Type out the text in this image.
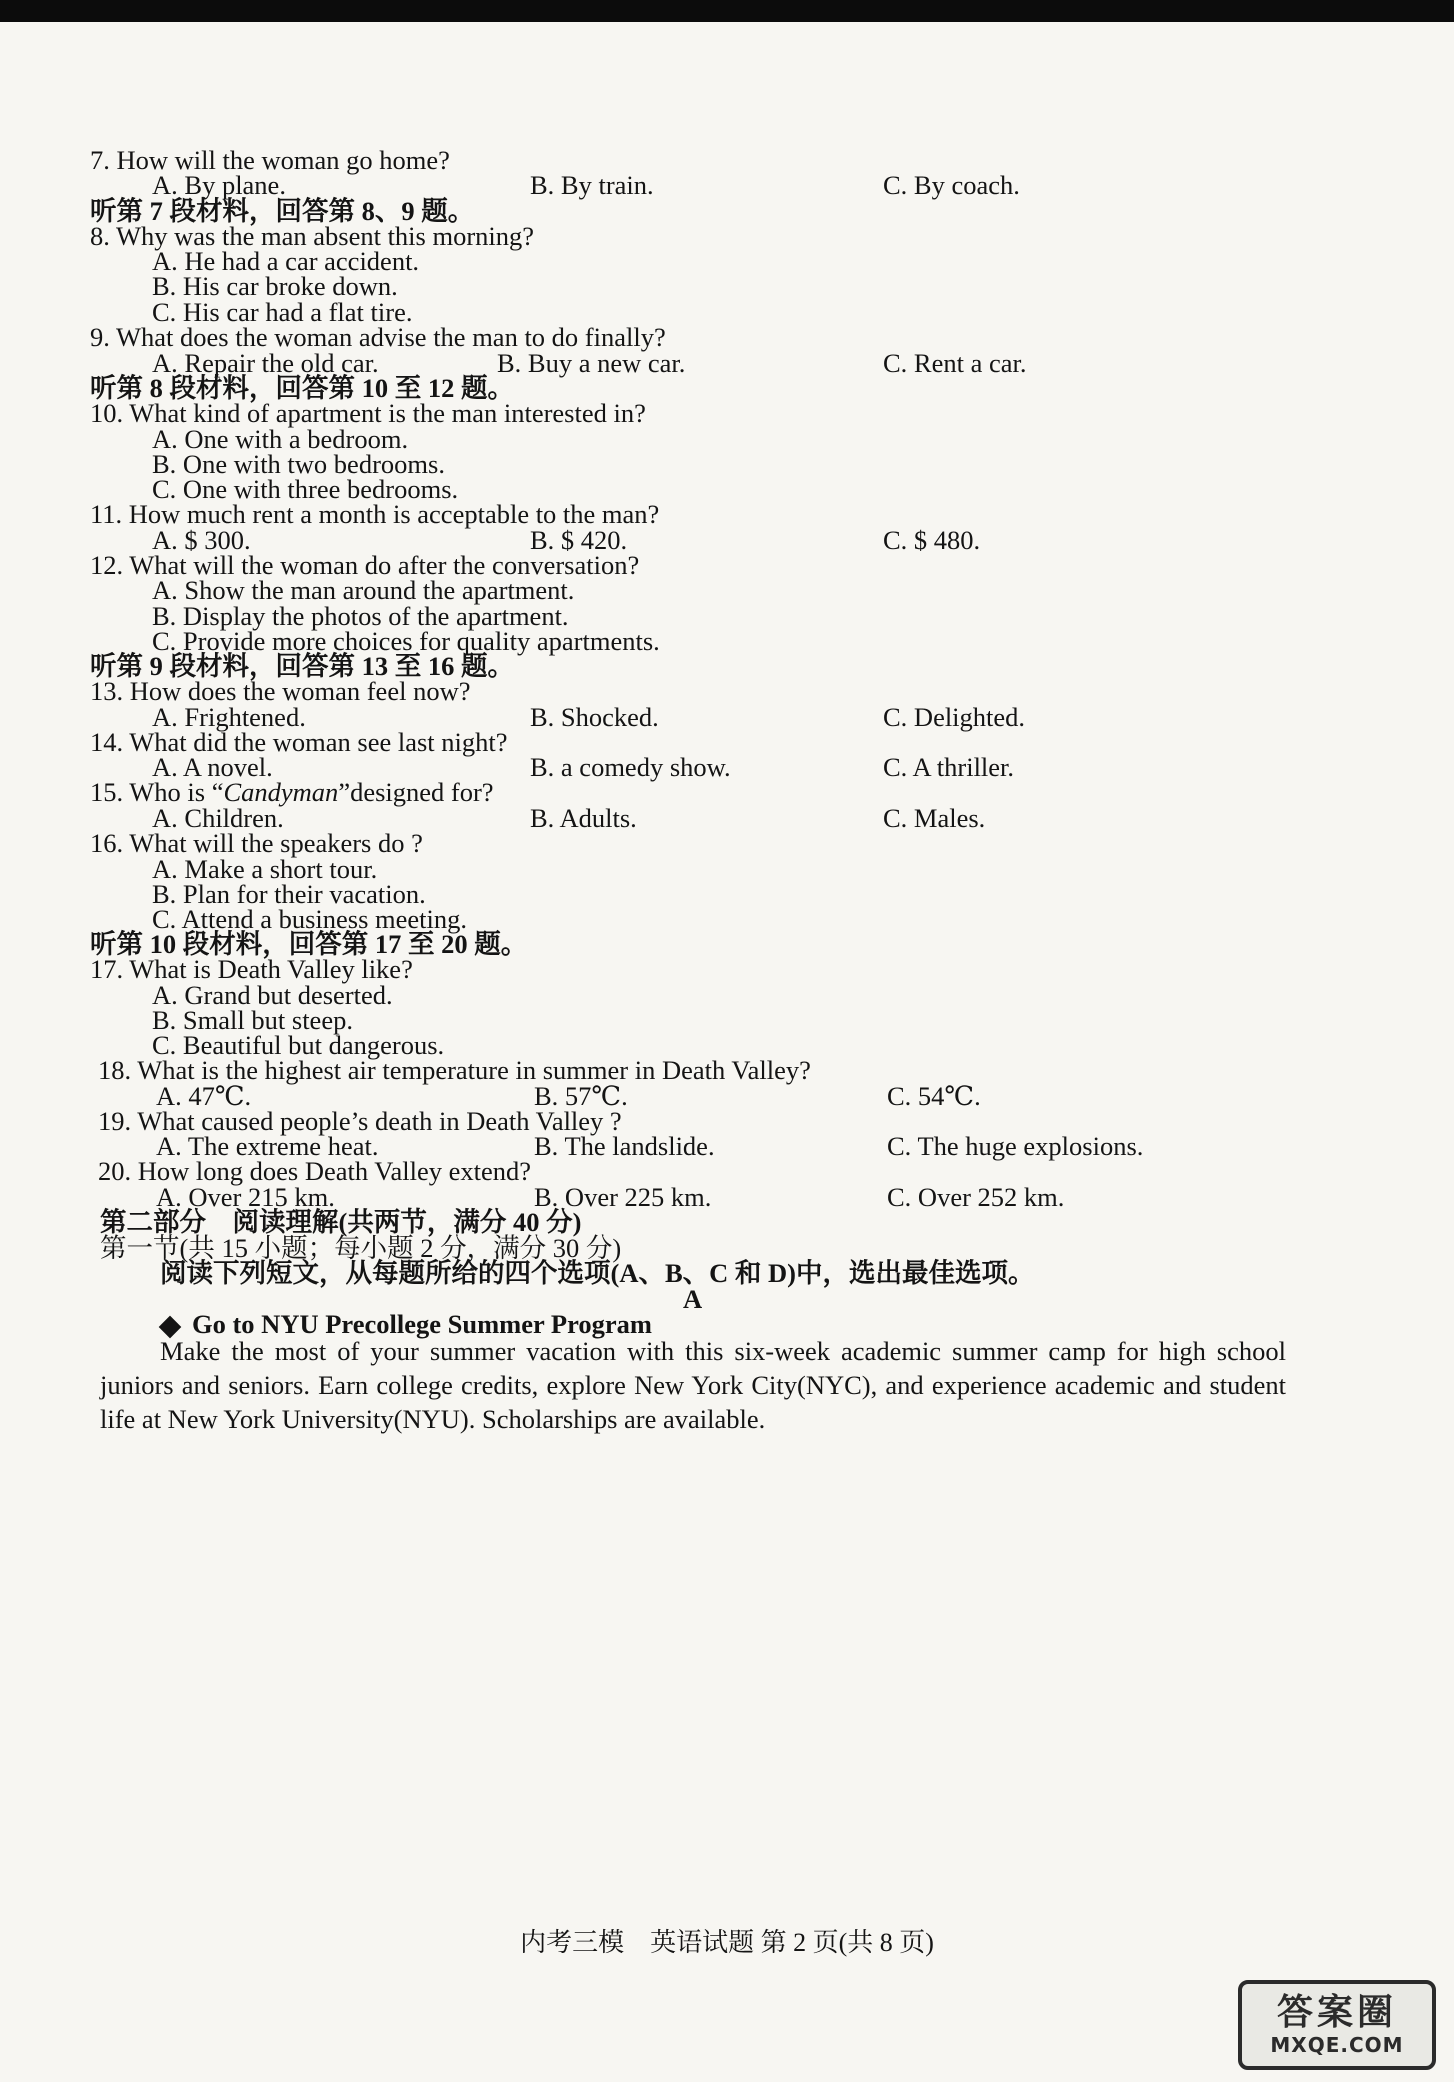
7. How will the woman go home?
A. By plane.	B. By train.	C. By coach.
听第 7 段材料，回答第 8、9 题。
8. Why was the man absent this morning?
A. He had a car accident.
B. His car broke down.
C. His car had a flat tire.
9. What does the woman advise the man to do finally?
A. Repair the old car.	B. Buy a new car.	C. Rent a car.
听第 8 段材料，回答第 10 至 12 题。
10. What kind of apartment is the man interested in?
A. One with a bedroom.
B. One with two bedrooms.
C. One with three bedrooms.
11. How much rent a month is acceptable to the man?
A. $ 300.	B. $ 420.	C. $ 480.
12. What will the woman do after the conversation?
A. Show the man around the apartment.
B. Display the photos of the apartment.
C. Provide more choices for quality apartments.
听第 9 段材料，回答第 13 至 16 题。
13. How does the woman feel now?
A. Frightened.	B. Shocked.	C. Delighted.
14. What did the woman see last night?
A. A novel.	B. a comedy show.	C. A thriller.
15. Who is “Candyman”designed for?
A. Children.	B. Adults.	C. Males.
16. What will the speakers do ?
A. Make a short tour.
B. Plan for their vacation.
C. Attend a business meeting.
听第 10 段材料，回答第 17 至 20 题。
17. What is Death Valley like?
A. Grand but deserted.
B. Small but steep.
C. Beautiful but dangerous.
18. What is the highest air temperature in summer in Death Valley?
A. 47℃.	B. 57℃.	C. 54℃.
19. What caused people’s death in Death Valley ?
A. The extreme heat.	B. The landslide.	C. The huge explosions.
20. How long does Death Valley extend?
A. Over 215 km.	B. Over 225 km.	C. Over 252 km.
第二部分　阅读理解(共两节，满分 40 分)
第一节(共 15 小题；每小题 2 分，满分 30 分)
阅读下列短文，从每题所给的四个选项(A、B、C 和 D)中，选出最佳选项。
A
Go to NYU Precollege Summer Program
Make the most of your summer vacation with this six-week academic summer camp for high school juniors and seniors. Earn college credits, explore New York City(NYC), and experience academic and student life at New York University(NYU). Scholarships are available.
内考三模　英语试题 第 2 页(共 8 页)
答案圈
MXQE.COM
